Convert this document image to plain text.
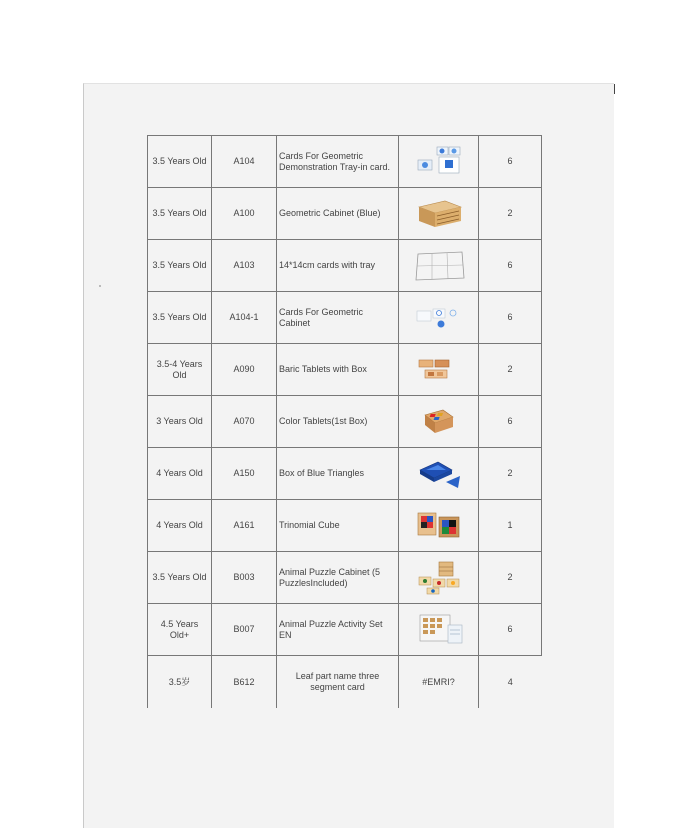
3.5 Years Old	A104	Cards For Geometric Demonstration Tray-in card.		6
3.5 Years Old	A100	Geometric Cabinet (Blue)		2
3.5 Years Old	A103	14*14cm cards with tray		6
3.5 Years Old	A104-1	Cards For Geometric Cabinet		6
3.5-4 Years Old	A090	Baric Tablets with Box		2
3 Years Old	A070	Color Tablets(1st Box)		6
4 Years Old	A150	Box of Blue Triangles		2
4 Years Old	A161	Trinomial Cube		1
3.5 Years Old	B003	Animal Puzzle Cabinet (5 PuzzlesIncluded)		2
4.5 Years Old+	B007	Animal Puzzle Activity Set EN		6
3.5岁	B612	Leaf part name three segment card	#EMRI?	4
